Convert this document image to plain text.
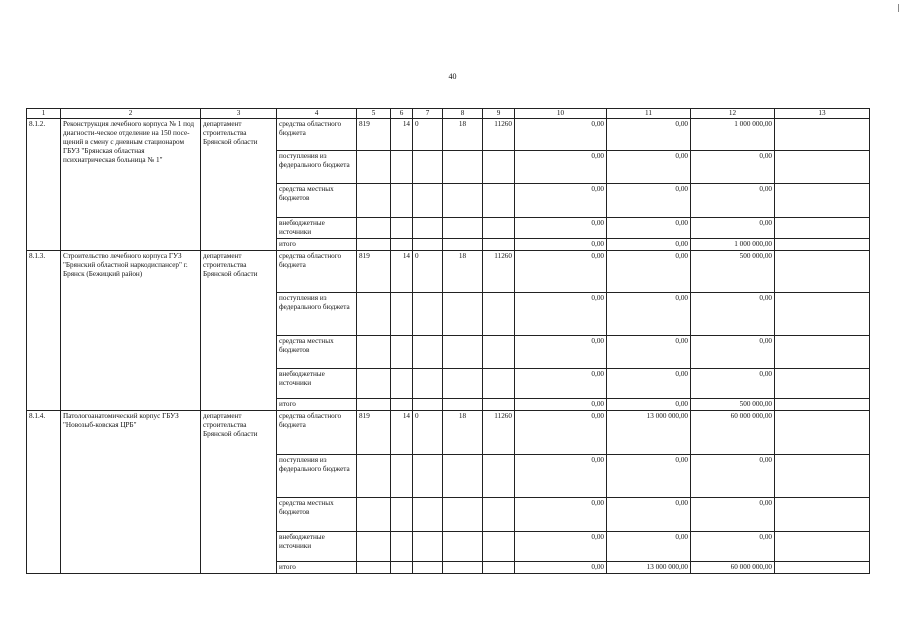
40
1	2	3	4	5	6	7	8	9	10	11	12	13
8.1.2.	Реконструкция лечебного корпуса № 1 под диагности-ческое отделение на 150 посе-щений в смену с дневным стационаром ГБУЗ "Брянская областная психиатрическая больница № 1"	департамент строительства Брянской области	средства областного бюджета	819	14	0	18	11260	0,00	0,00	1 000 000,00	
			поступления из федерального бюджета						0,00	0,00	0,00	
			средства местных бюджетов						0,00	0,00	0,00	
			внебюджетные источники						0,00	0,00	0,00	
			итого						0,00	0,00	1 000 000,00	
8.1.3.	Строительство лечебного корпуса ГУЗ "Брянский областной наркодиспансер" г. Брянск (Бежицкий район)	департамент строительства Брянской области	средства областного бюджета	819	14	0	18	11260	0,00	0,00	500 000,00	
			поступления из федерального бюджета						0,00	0,00	0,00	
			средства местных бюджетов						0,00	0,00	0,00	
			внебюджетные источники						0,00	0,00	0,00	
			итого						0,00	0,00	500 000,00	
8.1.4.	Патологоанатомический корпус ГБУЗ "Новозыб-ковская ЦРБ"	департамент строительства Брянской области	средства областного бюджета	819	14	0	18	11260	0,00	13 000 000,00	60 000 000,00	
			поступления из федерального бюджета						0,00	0,00	0,00	
			средства местных бюджетов						0,00	0,00	0,00	
			внебюджетные источники						0,00	0,00	0,00	
			итого						0,00	13 000 000,00	60 000 000,00	
